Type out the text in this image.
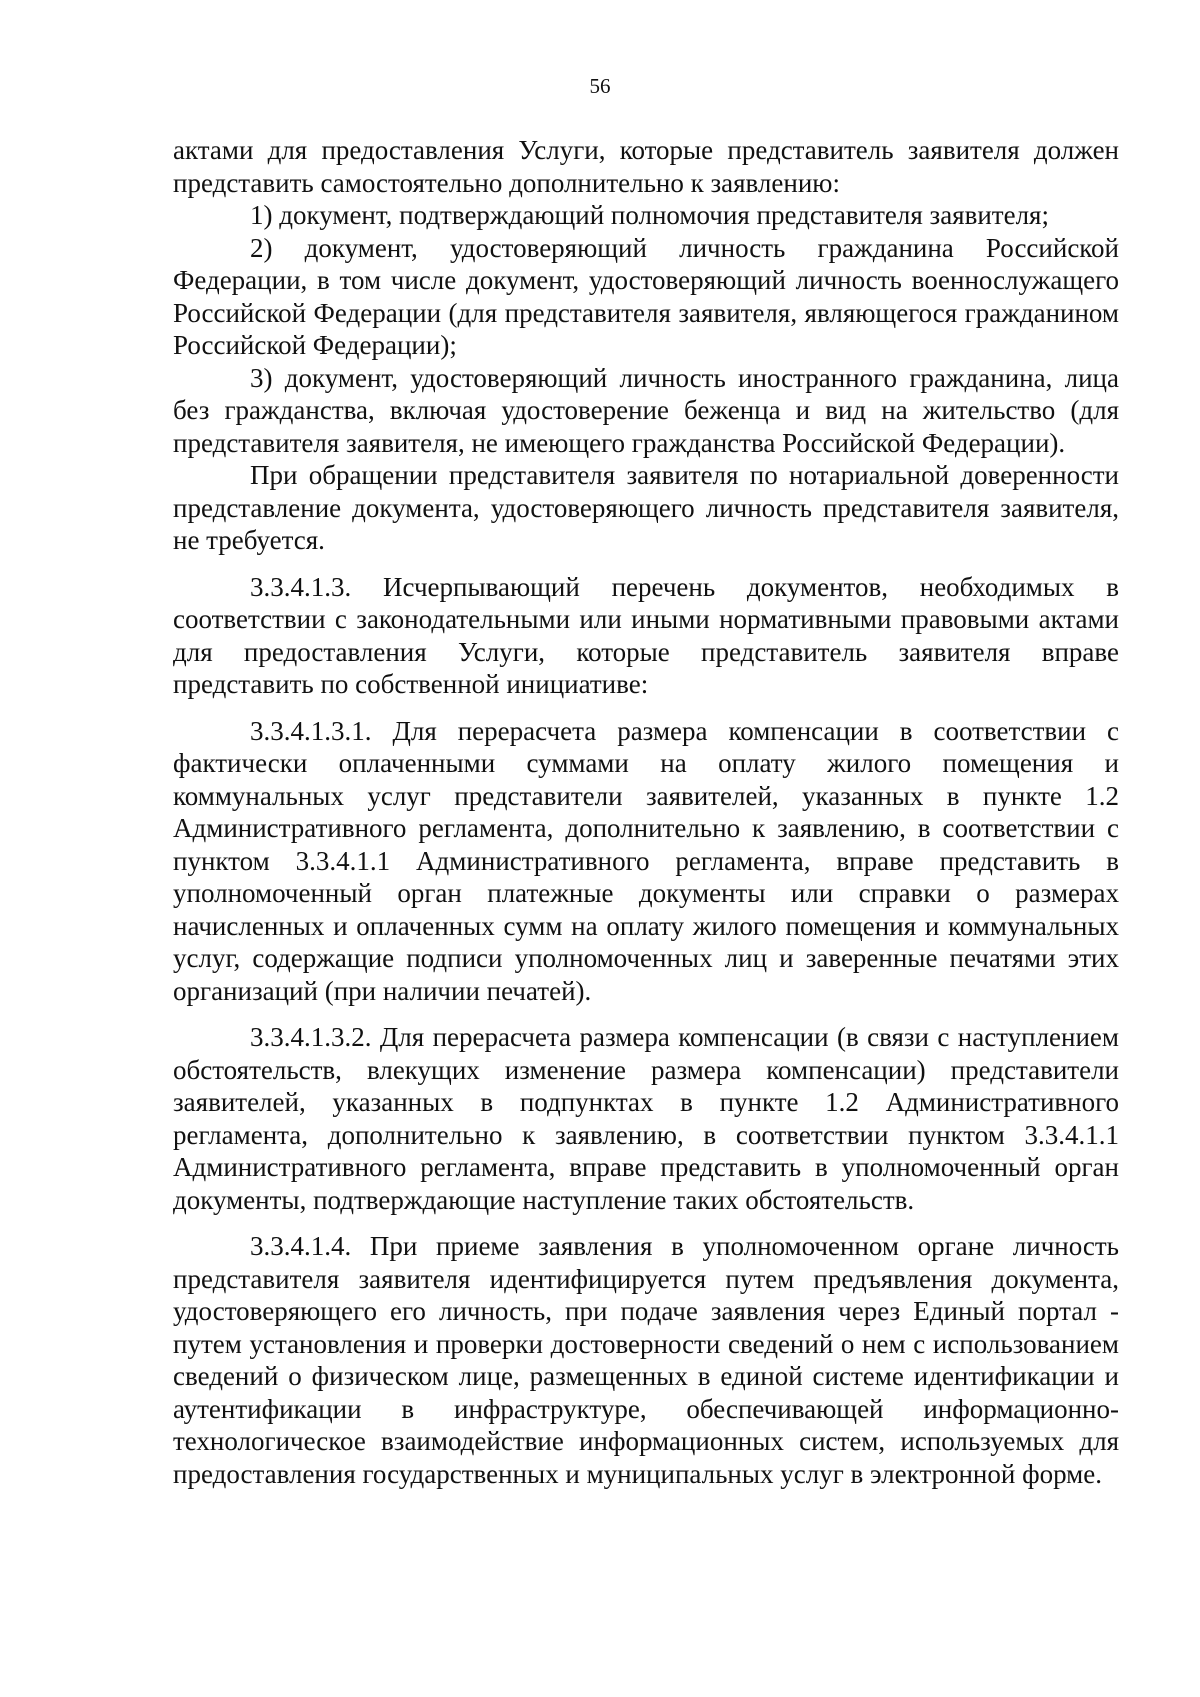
56

актами для предоставления Услуги, которые представитель заявителя должен представить самостоятельно дополнительно к заявлению:

1) документ, подтверждающий полномочия представителя заявителя;

2) документ, удостоверяющий личность гражданина Российской Федерации, в том числе документ, удостоверяющий личность военнослужащего Российской Федерации (для представителя заявителя, являющегося гражданином Российской Федерации);

3) документ, удостоверяющий личность иностранного гражданина, лица без гражданства, включая удостоверение беженца и вид на жительство (для представителя заявителя, не имеющего гражданства Российской Федерации).

При обращении представителя заявителя по нотариальной доверенности представление документа, удостоверяющего личность представителя заявителя, не требуется.

3.3.4.1.3. Исчерпывающий перечень документов, необходимых в соответствии с законодательными или иными нормативными правовыми актами для предоставления Услуги, которые представитель заявителя вправе представить по собственной инициативе:

3.3.4.1.3.1. Для перерасчета размера компенсации в соответствии с фактически оплаченными суммами на оплату жилого помещения и коммунальных услуг представители заявителей, указанных в пункте 1.2 Административного регламента, дополнительно к заявлению, в соответствии с пунктом 3.3.4.1.1 Административного регламента, вправе представить в уполномоченный орган платежные документы или справки о размерах начисленных и оплаченных сумм на оплату жилого помещения и коммунальных услуг, содержащие подписи уполномоченных лиц и заверенные печатями этих организаций (при наличии печатей).

3.3.4.1.3.2. Для перерасчета размера компенсации (в связи с наступлением обстоятельств, влекущих изменение размера компенсации) представители заявителей, указанных в подпунктах в пункте 1.2 Административного регламента, дополнительно к заявлению, в соответствии пунктом 3.3.4.1.1 Административного регламента, вправе представить в уполномоченный орган документы, подтверждающие наступление таких обстоятельств.

3.3.4.1.4. При приеме заявления в уполномоченном органе личность представителя заявителя идентифицируется путем предъявления документа, удостоверяющего его личность, при подаче заявления через Единый портал - путем установления и проверки достоверности сведений о нем с использованием сведений о физическом лице, размещенных в единой системе идентификации и аутентификации в инфраструктуре, обеспечивающей информационно-технологическое взаимодействие информационных систем, используемых для предоставления государственных и муниципальных услуг в электронной форме.
